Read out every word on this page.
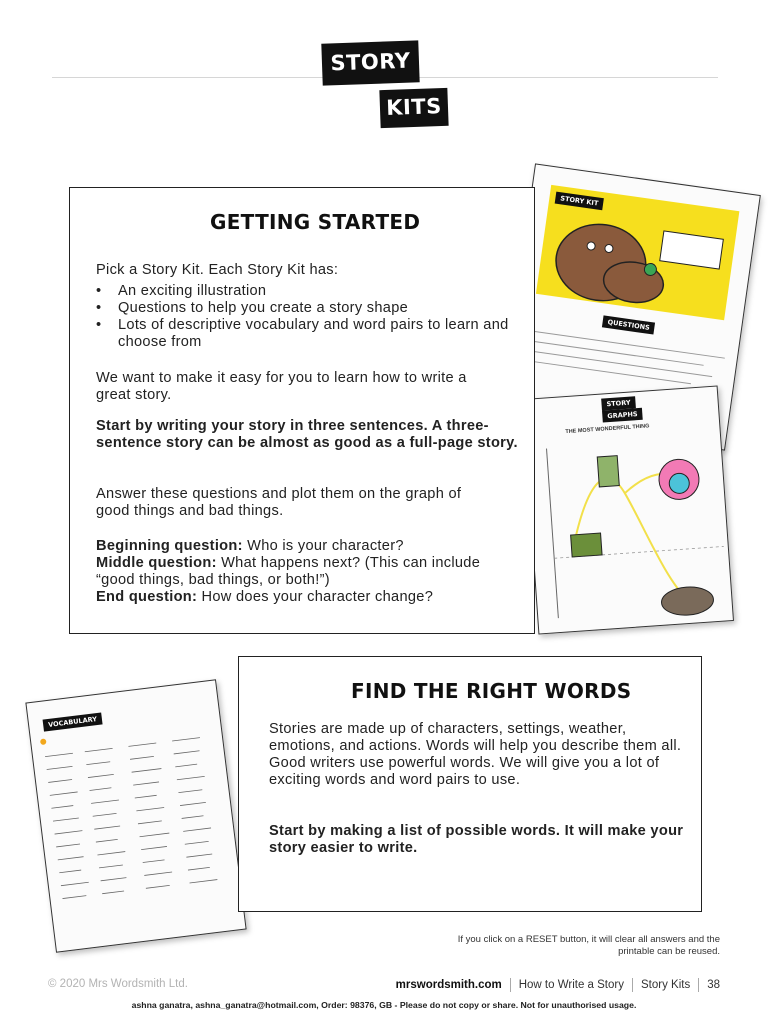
STORY
KITS
STORY KIT
QUESTIONS
STORY
GRAPHS
THE MOST WONDERFUL THING
VOCABULARY
GETTING STARTED
Pick a Story Kit. Each Story Kit has:
• An exciting illustration
• Questions to help you create a story shape
• Lots of descriptive vocabulary and word pairs to learn and choose from
We want to make it easy for you to learn how to write a great story.
Start by writing your story in three sentences. A three-sentence story can be almost as good as a full-page story.
Answer these questions and plot them on the graph of good things and bad things.
Beginning question: Who is your character?
Middle question: What happens next? (This can include “good things, bad things, or both!”)
End question: How does your character change?
FIND THE RIGHT WORDS
Stories are made up of characters, settings, weather, emotions, and actions. Words will help you describe them all. Good writers use powerful words. We will give you a lot of exciting words and word pairs to use.
Start by making a list of possible words. It will make your story easier to write.
If you click on a RESET button, it will clear all answers and the printable can be reused.
© 2020 Mrs Wordsmith Ltd.	mrswordsmith.com How to Write a Story Story Kits 38
ashna ganatra, ashna_ganatra@hotmail.com, Order: 98376, GB - Please do not copy or share. Not for unauthorised usage.
